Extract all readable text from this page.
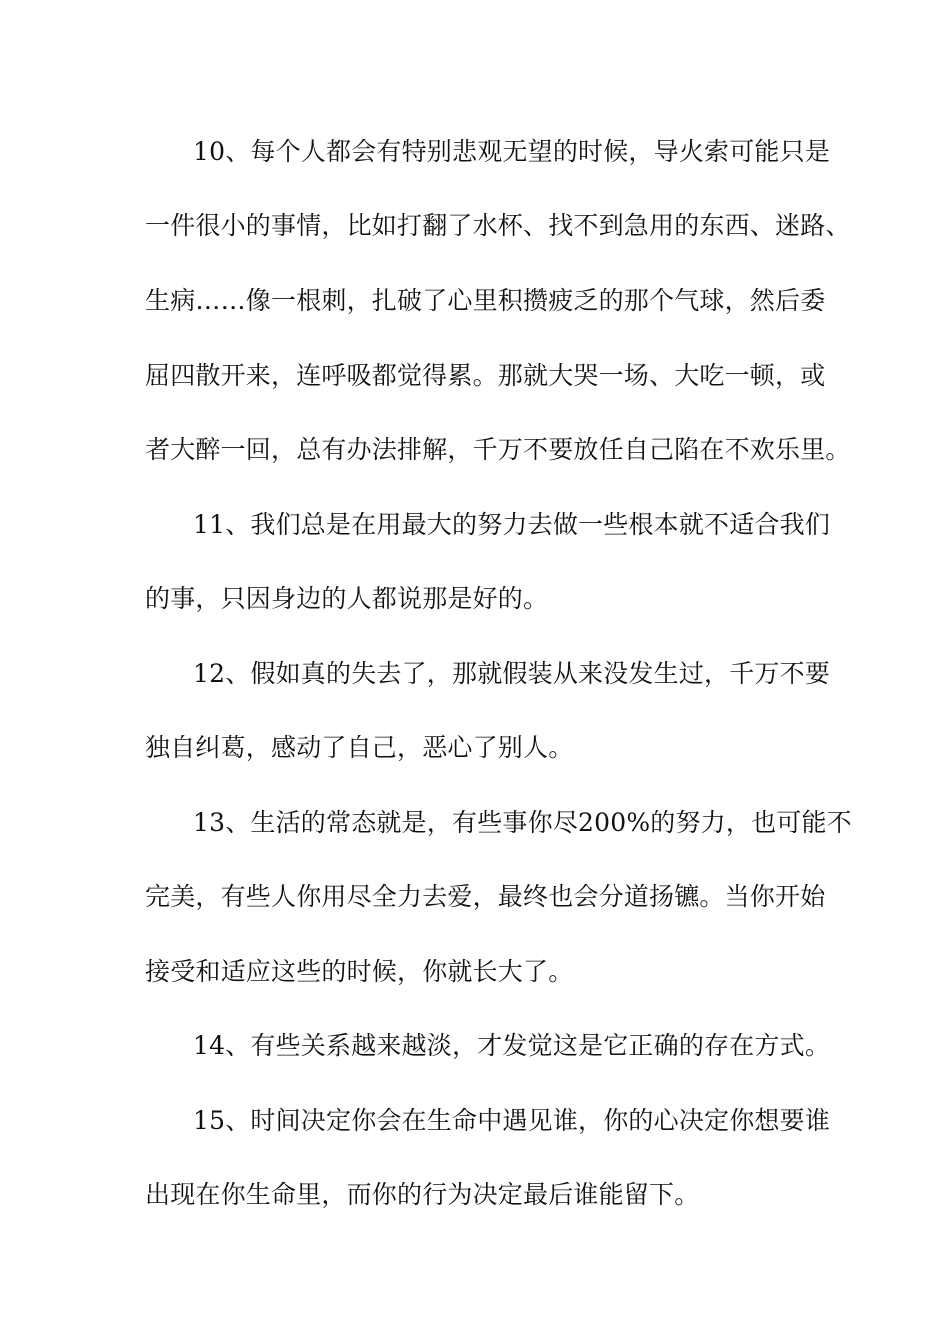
10、每个人都会有特别悲观无望的时候，导火索可能只是
一件很小的事情，比如打翻了水杯、找不到急用的东西、迷路、
生病……像一根刺，扎破了心里积攒疲乏的那个气球，然后委
屈四散开来，连呼吸都觉得累。那就大哭一场、大吃一顿，或
者大醉一回，总有办法排解，千万不要放任自己陷在不欢乐里。
11、我们总是在用最大的努力去做一些根本就不适合我们
的事，只因身边的人都说那是好的。
12、假如真的失去了，那就假装从来没发生过，千万不要
独自纠葛，感动了自己，恶心了别人。
13、生活的常态就是，有些事你尽200%的努力，也可能不
完美，有些人你用尽全力去爱，最终也会分道扬镳。当你开始
接受和适应这些的时候，你就长大了。
14、有些关系越来越淡，才发觉这是它正确的存在方式。
15、时间决定你会在生命中遇见谁，你的心决定你想要谁
出现在你生命里，而你的行为决定最后谁能留下。
